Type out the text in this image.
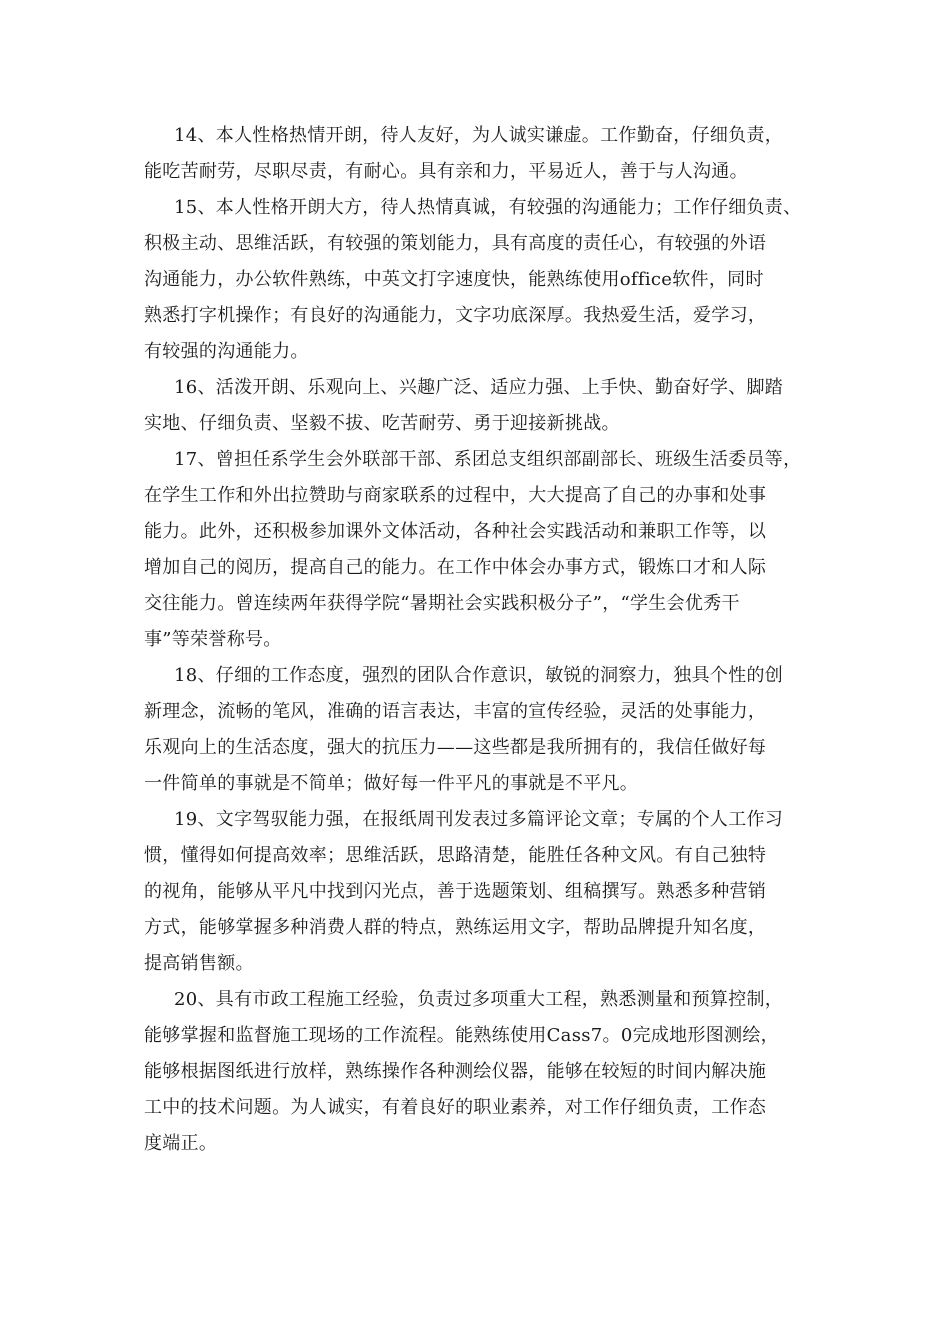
14、本人性格热情开朗，待人友好，为人诚实谦虚。工作勤奋，仔细负责，
能吃苦耐劳，尽职尽责，有耐心。具有亲和力，平易近人，善于与人沟通。
15、本人性格开朗大方，待人热情真诚，有较强的沟通能力；工作仔细负责、
积极主动、思维活跃，有较强的策划能力，具有高度的责任心，有较强的外语
沟通能力，办公软件熟练，中英文打字速度快，能熟练使用office软件，同时
熟悉打字机操作；有良好的沟通能力，文字功底深厚。我热爱生活，爱学习，
有较强的沟通能力。
16、活泼开朗、乐观向上、兴趣广泛、适应力强、上手快、勤奋好学、脚踏
实地、仔细负责、坚毅不拔、吃苦耐劳、勇于迎接新挑战。
17、曾担任系学生会外联部干部、系团总支组织部副部长、班级生活委员等，
在学生工作和外出拉赞助与商家联系的过程中，大大提高了自己的办事和处事
能力。此外，还积极参加课外文体活动，各种社会实践活动和兼职工作等，以
增加自己的阅历，提高自己的能力。在工作中体会办事方式，锻炼口才和人际
交往能力。曾连续两年获得学院“暑期社会实践积极分子”，“学生会优秀干
事”等荣誉称号。
18、仔细的工作态度，强烈的团队合作意识，敏锐的洞察力，独具个性的创
新理念，流畅的笔风，准确的语言表达，丰富的宣传经验，灵活的处事能力，
乐观向上的生活态度，强大的抗压力——这些都是我所拥有的，我信任做好每
一件简单的事就是不简单；做好每一件平凡的事就是不平凡。
19、文字驾驭能力强，在报纸周刊发表过多篇评论文章；专属的个人工作习
惯，懂得如何提高效率；思维活跃，思路清楚，能胜任各种文风。有自己独特
的视角，能够从平凡中找到闪光点，善于选题策划、组稿撰写。熟悉多种营销
方式，能够掌握多种消费人群的特点，熟练运用文字，帮助品牌提升知名度，
提高销售额。
20、具有市政工程施工经验，负责过多项重大工程，熟悉测量和预算控制，
能够掌握和监督施工现场的工作流程。能熟练使用Cass7。0完成地形图测绘，
能够根据图纸进行放样，熟练操作各种测绘仪器，能够在较短的时间内解决施
工中的技术问题。为人诚实，有着良好的职业素养，对工作仔细负责，工作态
度端正。
